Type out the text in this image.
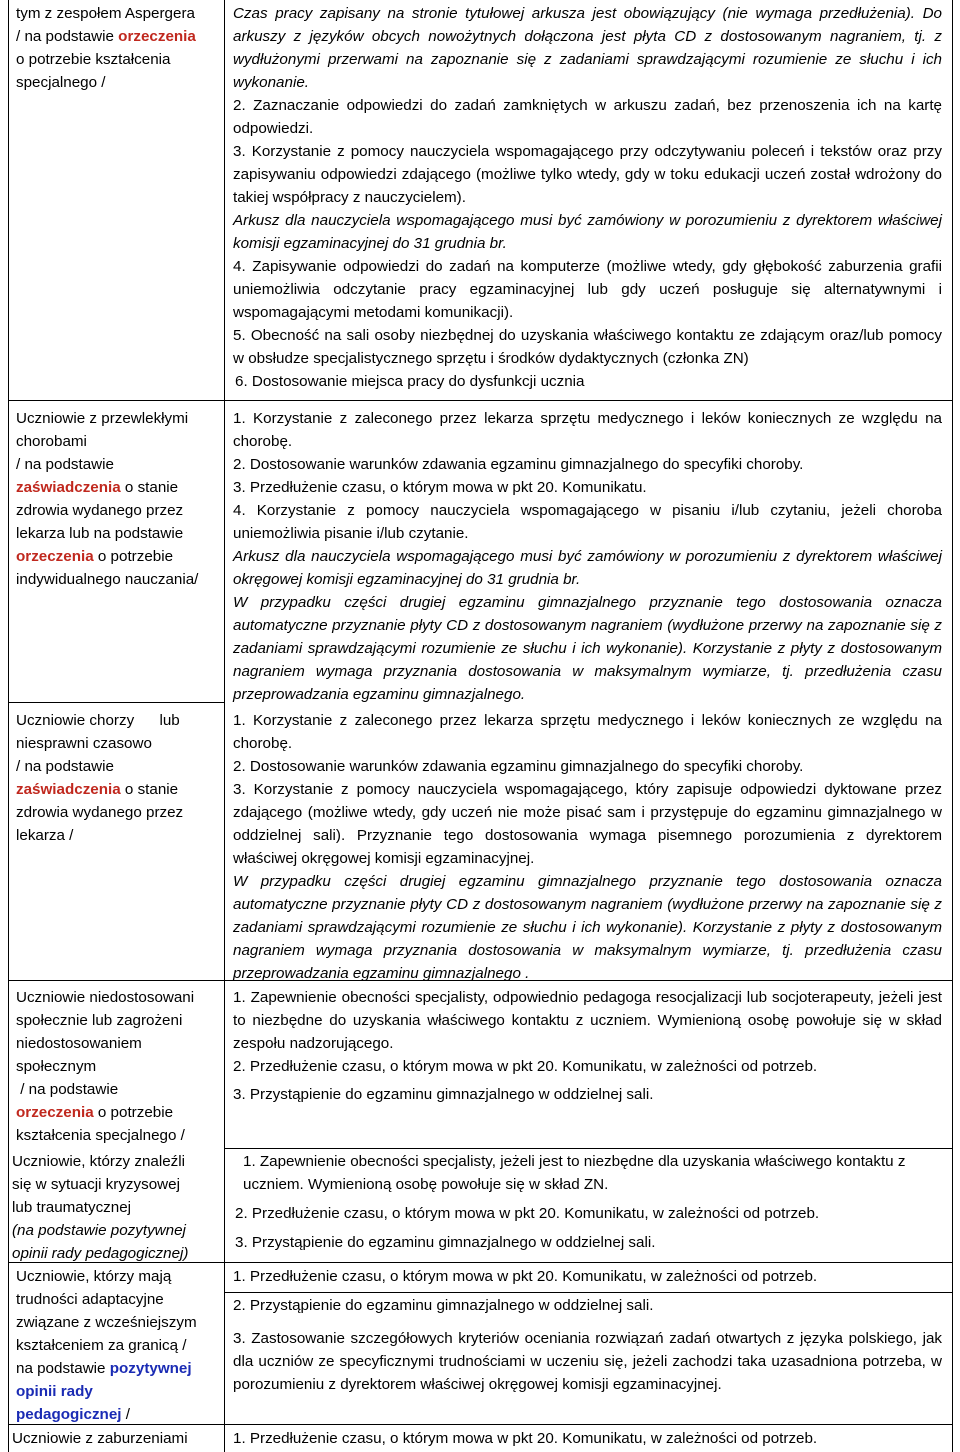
tym z zespołem Aspergera
/ na podstawie orzeczenia
o potrzebie kształcenia
specjalnego /
Czas pracy zapisany na stronie tytułowej arkusza jest obowiązujący (nie wymaga przedłużenia). Do arkuszy z języków obcych nowożytnych dołączona jest płyta CD z dostosowanym nagraniem, tj. z wydłużonymi przerwami na zapoznanie się z zadaniami sprawdzającymi rozumienie ze słuchu i ich wykonanie.
2. Zaznaczanie odpowiedzi do zadań zamkniętych w arkuszu zadań, bez przenoszenia ich na kartę odpowiedzi.
3. Korzystanie z pomocy nauczyciela wspomagającego przy odczytywaniu poleceń i tekstów oraz przy zapisywaniu odpowiedzi zdającego (możliwe tylko wtedy, gdy w toku edukacji uczeń został wdrożony do takiej współpracy z nauczycielem).
Arkusz dla nauczyciela wspomagającego musi być zamówiony w porozumieniu z dyrektorem właściwej komisji egzaminacyjnej do 31 grudnia br.
4. Zapisywanie odpowiedzi do zadań na komputerze (możliwe wtedy, gdy głębokość zaburzenia grafii uniemożliwia odczytanie pracy egzaminacyjnej lub gdy uczeń posługuje się alternatywnymi i wspomagającymi metodami komunikacji).
5. Obecność na sali osoby niezbędnej do uzyskania właściwego kontaktu ze zdającym oraz/lub pomocy w obsłudze specjalistycznego sprzętu i środków dydaktycznych (członka ZN)
6. Dostosowanie miejsca pracy do dysfunkcji ucznia
Uczniowie z przewlekłymi
chorobami
/ na podstawie
zaświadczenia o stanie
zdrowia wydanego przez
lekarza lub na podstawie
orzeczenia o potrzebie
indywidualnego nauczania/
1. Korzystanie z zaleconego przez lekarza sprzętu medycznego i leków koniecznych ze względu na chorobę.
2. Dostosowanie warunków zdawania egzaminu gimnazjalnego do specyfiki choroby.
3. Przedłużenie czasu, o którym mowa w pkt 20. Komunikatu.
4. Korzystanie z pomocy nauczyciela wspomagającego w pisaniu i/lub czytaniu, jeżeli choroba uniemożliwia pisanie i/lub czytanie.
Arkusz dla nauczyciela wspomagającego musi być zamówiony w porozumieniu z dyrektorem właściwej okręgowej komisji egzaminacyjnej do 31 grudnia br.
W przypadku części drugiej egzaminu gimnazjalnego przyznanie tego dostosowania oznacza automatyczne przyznanie płyty CD z dostosowanym nagraniem (wydłużone przerwy na zapoznanie się z zadaniami sprawdzającymi rozumienie ze słuchu i ich wykonanie). Korzystanie z płyty z dostosowanym nagraniem wymaga przyznania dostosowania w maksymalnym wymiarze, tj. przedłużenia czasu przeprowadzania egzaminu gimnazjalnego.
Uczniowie chorzy      lub
niesprawni czasowo
/ na podstawie
zaświadczenia o stanie
zdrowia wydanego przez
lekarza /
1. Korzystanie z zaleconego przez lekarza sprzętu medycznego i leków koniecznych ze względu na chorobę.
2. Dostosowanie warunków zdawania egzaminu gimnazjalnego do specyfiki choroby.
3. Korzystanie z pomocy nauczyciela wspomagającego, który zapisuje odpowiedzi dyktowane przez zdającego (możliwe wtedy, gdy uczeń nie może pisać sam i przystępuje do egzaminu gimnazjalnego w oddzielnej sali). Przyznanie tego dostosowania wymaga pisemnego porozumienia z dyrektorem właściwej okręgowej komisji egzaminacyjnej.
W przypadku części drugiej egzaminu gimnazjalnego przyznanie tego dostosowania oznacza automatyczne przyznanie płyty CD z dostosowanym nagraniem (wydłużone przerwy na zapoznanie się z zadaniami sprawdzającymi rozumienie ze słuchu i ich wykonanie). Korzystanie z płyty z dostosowanym nagraniem wymaga przyznania dostosowania w maksymalnym wymiarze, tj. przedłużenia czasu przeprowadzania egzaminu gimnazjalnego .
Uczniowie niedostosowani
społecznie lub zagrożeni
niedostosowaniem
społecznym
/ na podstawie
orzeczenia o potrzebie
kształcenia specjalnego /
1. Zapewnienie obecności specjalisty, odpowiednio pedagoga resocjalizacji lub socjoterapeuty, jeżeli jest to niezbędne do uzyskania właściwego kontaktu z uczniem. Wymienioną osobę powołuje się w skład zespołu nadzorującego.
2. Przedłużenie czasu, o którym mowa w pkt 20. Komunikatu, w zależności od potrzeb.
3. Przystąpienie do egzaminu gimnazjalnego w oddzielnej sali.
Uczniowie, którzy znaleźli
się w sytuacji kryzysowej
lub traumatycznej
(na podstawie pozytywnej
opinii rady pedagogicznej)
1. Zapewnienie obecności specjalisty, jeżeli jest to niezbędne dla uzyskania właściwego kontaktu z
uczniem. Wymienioną osobę powołuje się w skład ZN.
2. Przedłużenie czasu, o którym mowa w pkt 20. Komunikatu, w zależności od potrzeb.
3. Przystąpienie do egzaminu gimnazjalnego w oddzielnej sali.
Uczniowie, którzy mają
trudności adaptacyjne
związane z wcześniejszym
kształceniem za granicą /
na podstawie pozytywnej
opinii rady
pedagogicznej /
1. Przedłużenie czasu, o którym mowa w pkt 20. Komunikatu, w zależności od potrzeb.
2. Przystąpienie do egzaminu gimnazjalnego w oddzielnej sali.
3. Zastosowanie szczegółowych kryteriów oceniania rozwiązań zadań otwartych z języka polskiego, jak dla uczniów ze specyficznymi trudnościami w uczeniu się, jeżeli zachodzi taka uzasadniona potrzeba, w porozumieniu z dyrektorem właściwej okręgowej komisji egzaminacyjnej.
Uczniowie z zaburzeniami	1. Przedłużenie czasu, o którym mowa w pkt 20. Komunikatu, w zależności od potrzeb.
